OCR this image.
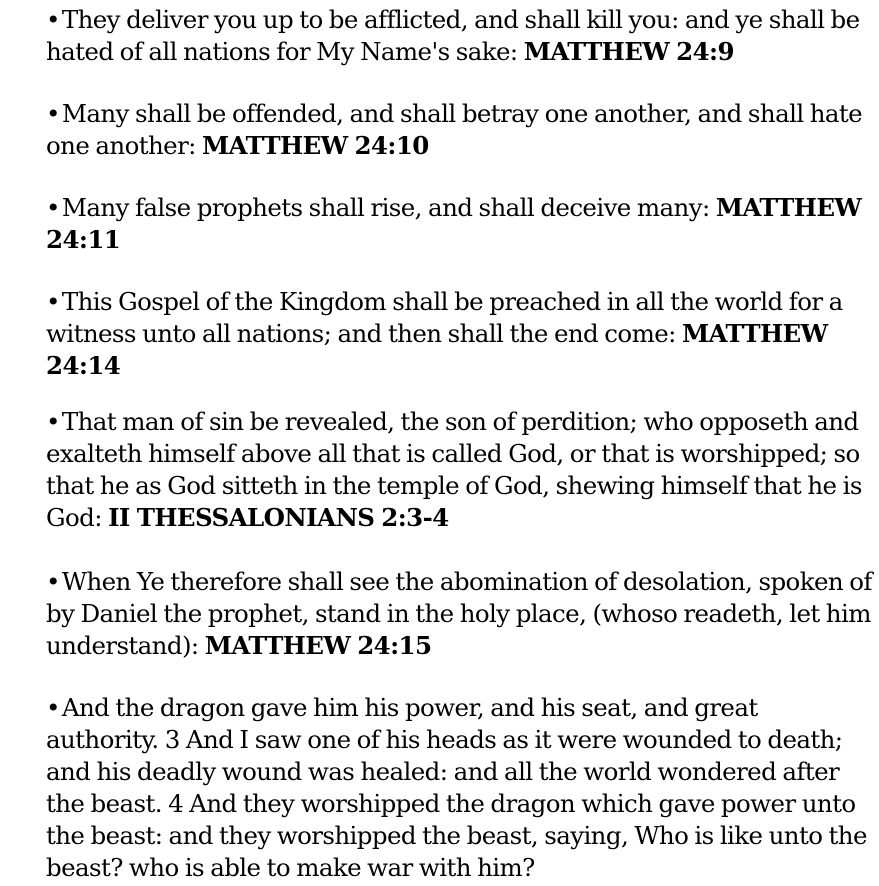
•They deliver you up to be afflicted, and shall kill you: and ye shall be hated of all nations for My Name's sake: MATTHEW 24:9

•Many shall be offended, and shall betray one another, and shall hate one another: MATTHEW 24:10

•Many false prophets shall rise, and shall deceive many: MATTHEW 24:11

•This Gospel of the Kingdom shall be preached in all the world for a witness unto all nations; and then shall the end come: MATTHEW 24:14

•That man of sin be revealed, the son of perdition; who opposeth and exalteth himself above all that is called God, or that is worshipped; so that he as God sitteth in the temple of God, shewing himself that he is God: II THESSALONIANS 2:3-4

•When Ye therefore shall see the abomination of desolation, spoken of by Daniel the prophet, stand in the holy place, (whoso readeth, let him understand): MATTHEW 24:15

•And the dragon gave him his power, and his seat, and great authority. 3 And I saw one of his heads as it were wounded to death; and his deadly wound was healed: and all the world wondered after the beast. 4 And they worshipped the dragon which gave power unto the beast: and they worshipped the beast, saying, Who is like unto the beast? who is able to make war with him?
